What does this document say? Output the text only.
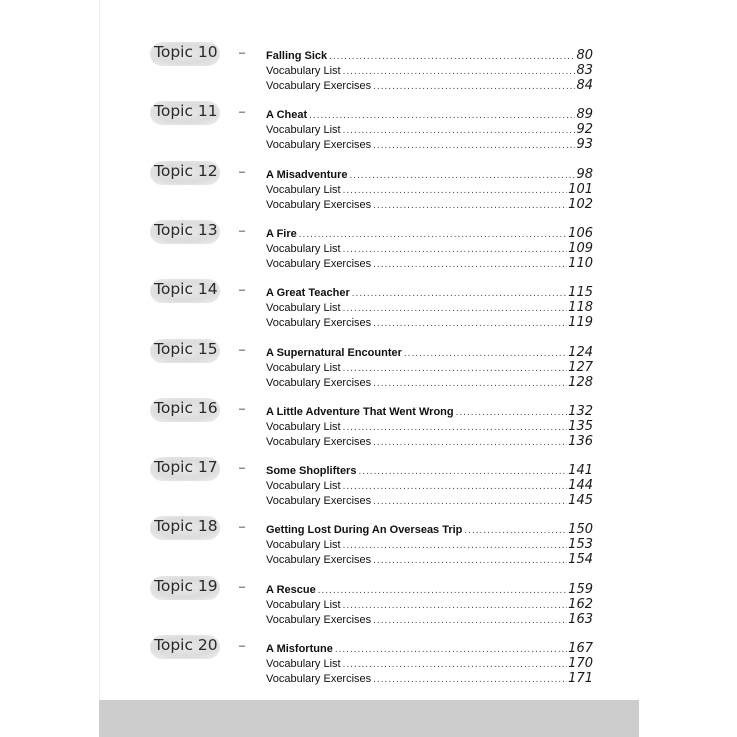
Topic 10 – Falling Sick .....	80
Vocabulary List .....	83
Vocabulary Exercises .....	84
Topic 11 – A Cheat .....	89
Vocabulary List .....	92
Vocabulary Exercises .....	93
Topic 12 – A Misadventure .....	98
Vocabulary List .....	101
Vocabulary Exercises .....	102
Topic 13 – A Fire .....	106
Vocabulary List .....	109
Vocabulary Exercises .....	110
Topic 14 – A Great Teacher .....	115
Vocabulary List .....	118
Vocabulary Exercises .....	119
Topic 15 – A Supernatural Encounter .....	124
Vocabulary List .....	127
Vocabulary Exercises .....	128
Topic 16 – A Little Adventure That Went Wrong .....	132
Vocabulary List .....	135
Vocabulary Exercises .....	136
Topic 17 – Some Shoplifters .....	141
Vocabulary List .....	144
Vocabulary Exercises .....	145
Topic 18 – Getting Lost During An Overseas Trip .....	150
Vocabulary List .....	153
Vocabulary Exercises .....	154
Topic 19 – A Rescue .....	159
Vocabulary List .....	162
Vocabulary Exercises .....	163
Topic 20 – A Misfortune .....	167
Vocabulary List .....	170
Vocabulary Exercises .....	171
